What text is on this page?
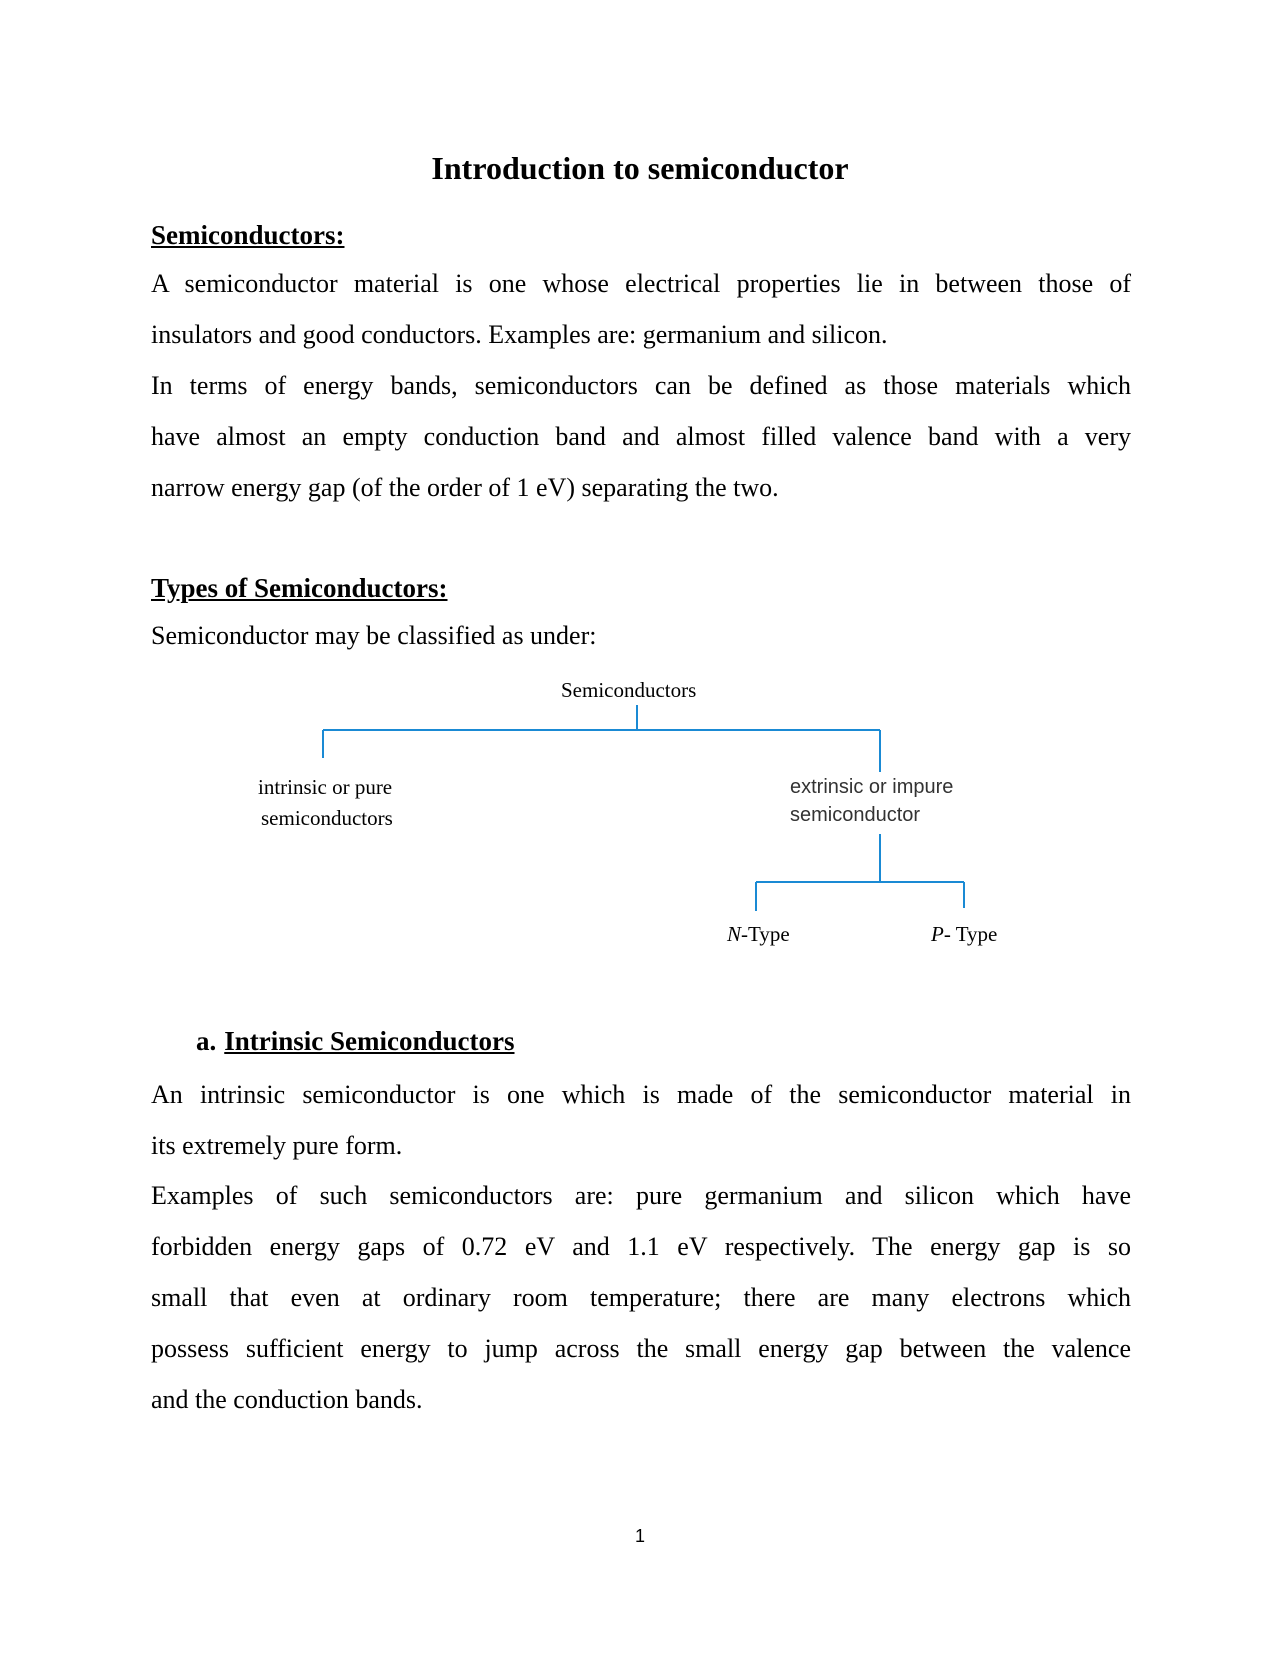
Introduction to semiconductor
Semiconductors:

A semiconductor material is one whose electrical properties lie in between those of
insulators and good conductors. Examples are: germanium and silicon.

In terms of energy bands, semiconductors can be defined as those materials which
have almost an empty conduction band and almost filled valence band with a very
narrow energy gap (of the order of 1 eV) separating the two.

Types of Semiconductors:

Semiconductor may be classified as under:

Semiconductors
intrinsic or pure
semiconductors
extrinsic or impure
semiconductor
N-Type	P- Type
a. Intrinsic Semiconductors

An intrinsic semiconductor is one which is made of the semiconductor material in
its extremely pure form.

Examples of such semiconductors are: pure germanium and silicon which have
forbidden energy gaps of 0.72 eV and 1.1 eV respectively. The energy gap is so
small that even at ordinary room temperature; there are many electrons which
possess sufficient energy to jump across the small energy gap between the valence
and the conduction bands.

1
